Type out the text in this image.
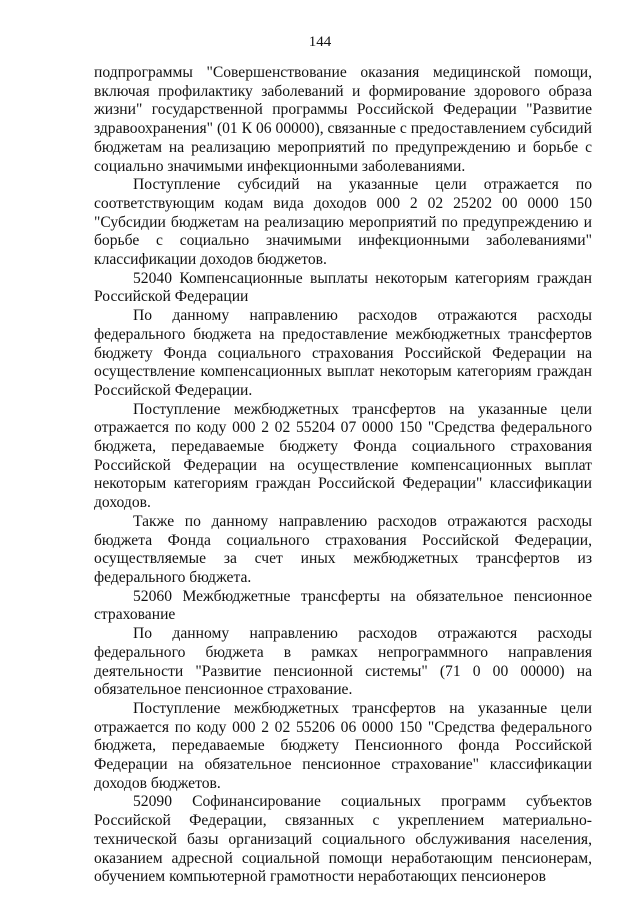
144

подпрограммы "Совершенствование оказания медицинской помощи, включая профилактику заболеваний и формирование здорового образа жизни" государственной программы Российской Федерации "Развитие здравоохранения" (01 К 06 00000), связанные с предоставлением субсидий бюджетам на реализацию мероприятий по предупреждению и борьбе с социально значимыми инфекционными заболеваниями.

Поступление субсидий на указанные цели отражается по соответствующим кодам вида доходов 000 2 02 25202 00 0000 150 "Субсидии бюджетам на реализацию мероприятий по предупреждению и борьбе с социально значимыми инфекционными заболеваниями" классификации доходов бюджетов.

52040 Компенсационные выплаты некоторым категориям граждан Российской Федерации

По данному направлению расходов отражаются расходы федерального бюджета на предоставление межбюджетных трансфертов бюджету Фонда социального страхования Российской Федерации на осуществление компенсационных выплат некоторым категориям граждан Российской Федерации.

Поступление межбюджетных трансфертов на указанные цели отражается по коду 000 2 02 55204 07 0000 150 "Средства федерального бюджета, передаваемые бюджету Фонда социального страхования Российской Федерации на осуществление компенсационных выплат некоторым категориям граждан Российской Федерации" классификации доходов.

Также по данному направлению расходов отражаются расходы бюджета Фонда социального страхования Российской Федерации, осуществляемые за счет иных межбюджетных трансфертов из федерального бюджета.

52060 Межбюджетные трансферты на обязательное пенсионное страхование

По данному направлению расходов отражаются расходы федерального бюджета в рамках непрограммного направления деятельности "Развитие пенсионной системы" (71 0 00 00000) на обязательное пенсионное страхование.

Поступление межбюджетных трансфертов на указанные цели отражается по коду 000 2 02 55206 06 0000 150 "Средства федерального бюджета, передаваемые бюджету Пенсионного фонда Российской Федерации на обязательное пенсионное страхование" классификации доходов бюджетов.

52090 Софинансирование социальных программ субъектов Российской Федерации, связанных с укреплением материально-технической базы организаций социального обслуживания населения, оказанием адресной социальной помощи неработающим пенсионерам, обучением компьютерной грамотности неработающих пенсионеров
